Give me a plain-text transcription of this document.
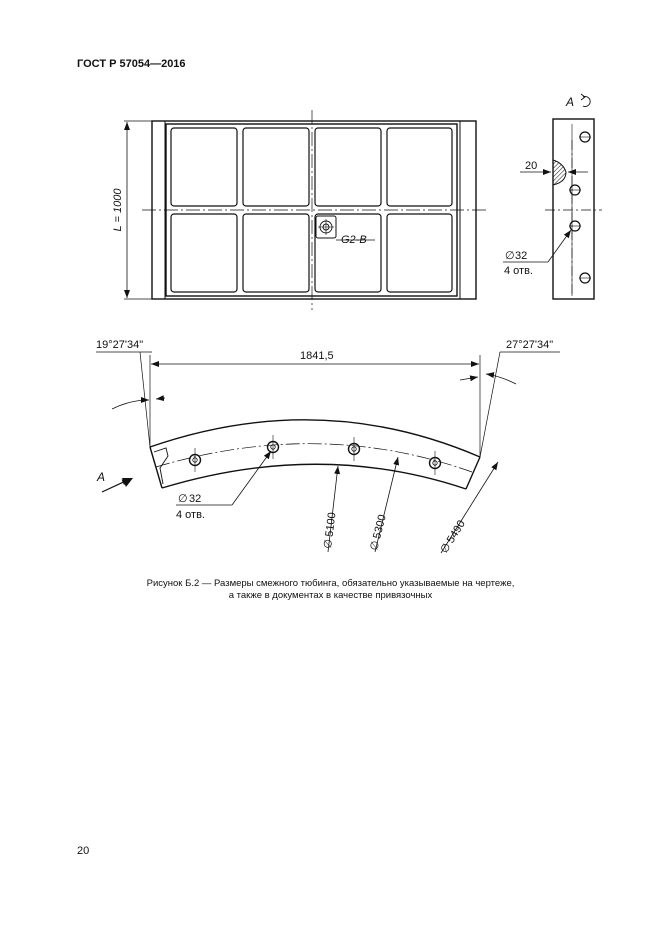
ГОСТ Р 57054—2016
G2-B
L = 1000
A
20
∅ 32
4 отв.
19°27'34"	27°27'34"
1841,5
A
∅ 32
4 отв.
∅
5100
∅
5300
∅
5490
Рисунок Б.2 — Размеры смежного тюбинга, обязательно указываемые на чертеже,
а также в документах в качестве привязочных
20
